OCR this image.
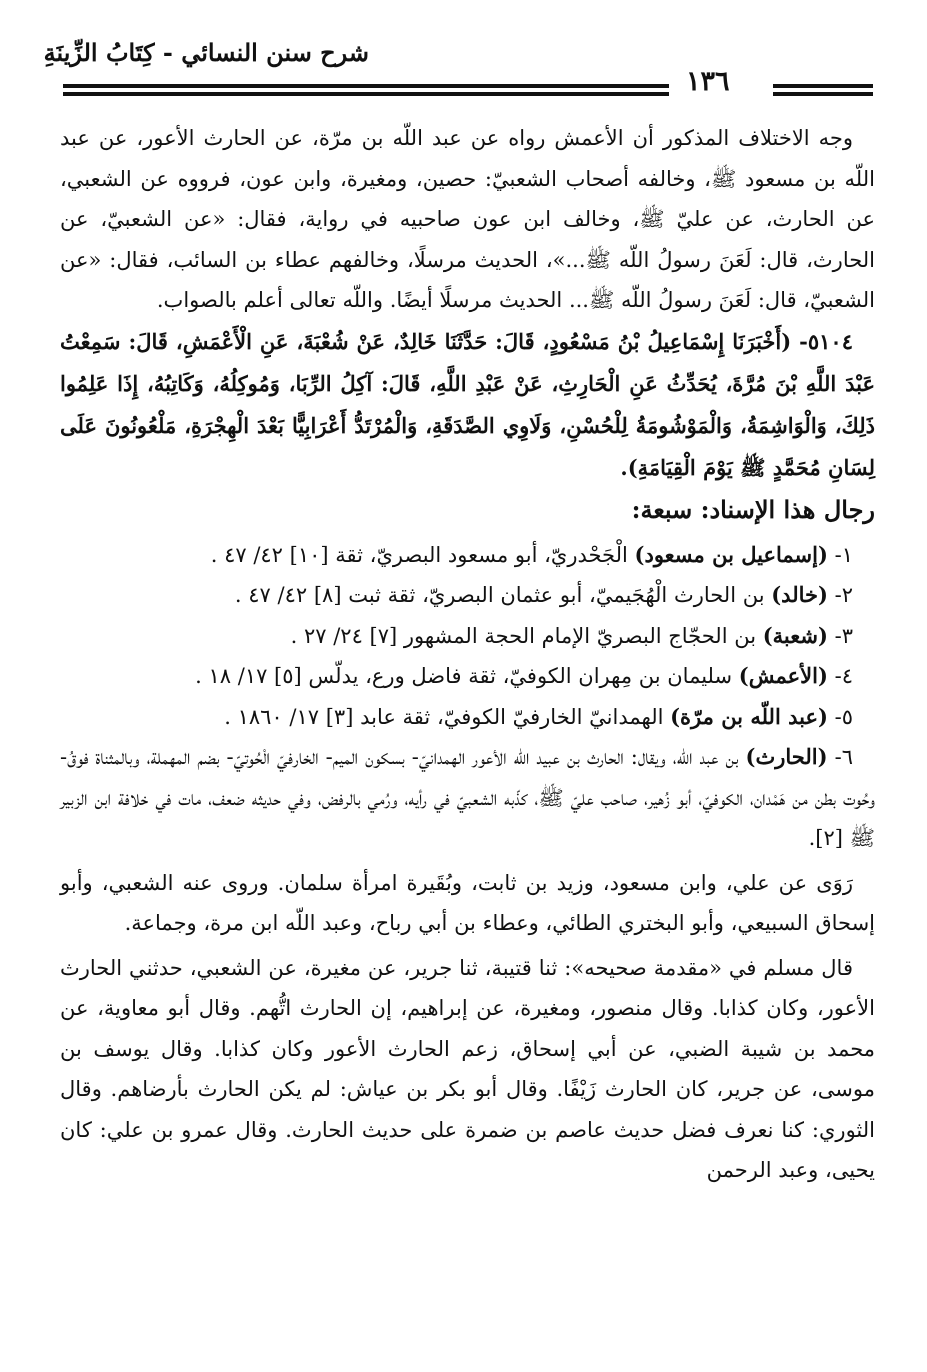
شرح سنن النسائي - كِتَابُ الزِّينَةِ
١٣٦

وجه الاختلاف المذكور أن الأعمش رواه عن عبد اللّه بن مرّة، عن الحارث الأعور، عن عبد اللّه بن مسعود ﷺ، وخالفه أصحاب الشعبيّ: حصين، ومغيرة، وابن عون، فرووه عن الشعبي، عن الحارث، عن عليّ ﷺ، وخالف ابن عون صاحبيه في رواية، فقال: «عن الشعبيّ، عن الحارث، قال: لَعَنَ رسولُ اللّه ﷺ...»، الحديث مرسلًا، وخالفهم عطاء بن السائب، فقال: «عن الشعبيّ، قال: لَعَنَ رسولُ اللّه ﷺ... الحديث مرسلًا أيضًا. واللّه تعالى أعلم بالصواب.

٥١٠٤- (أَخْبَرَنَا إِسْمَاعِيلُ بْنُ مَسْعُودٍ، قَالَ: حَدَّثَنَا خَالِدٌ، عَنْ شُعْبَةَ، عَنِ الْأَعْمَشِ، قَالَ: سَمِعْتُ عَبْدَ اللَّهِ بْنَ مُرَّةَ، يُحَدِّثُ عَنِ الْحَارِثِ، عَنْ عَبْدِ اللَّهِ، قَالَ: آكِلُ الرِّبَا، وَمُوكِلُهُ، وَكَاتِبُهُ، إِذَا عَلِمُوا ذَلِكَ، وَالْوَاشِمَةُ، وَالْمَوْشُومَةُ لِلْحُسْنِ، وَلَاوِي الصَّدَقَةِ، وَالْمُرْتَدُّ أَعْرَابِيًّا بَعْدَ الْهِجْرَةِ، مَلْعُونُونَ عَلَى لِسَانِ مُحَمَّدٍ ﷺ يَوْمَ الْقِيَامَةِ).

رجال هذا الإسناد: سبعة:

١- (إسماعيل بن مسعود) الْجَحْدريّ، أبو مسعود البصريّ، ثقة [١٠] ٤٢/ ٤٧ .
٢- (خالد) بن الحارث الْهُجَيميّ، أبو عثمان البصريّ، ثقة ثبت [٨] ٤٢/ ٤٧ .
٣- (شعبة) بن الحجّاج البصريّ الإمام الحجة المشهور [٧] ٢٤/ ٢٧ .
٤- (الأعمش) سليمان بن مِهران الكوفيّ، ثقة فاضل ورع، يدلّس [٥] ١٧/ ١٨ .
٥- (عبد اللّه بن مرّة) الهمدانيّ الخارفيّ الكوفيّ، ثقة عابد [٣] ١٧/ ١٨٦٠ .
٦- (الحارث) بن عبد اللّه، ويقال: الحارث بن عبيد اللّه الأعور الهمدانيّ- بسكون الميم- الخارفيّ الْحُوتيّ- بضم المهملة، وبالمثناة فوقُ- وحُوت بطن من هَمْدان، الكوفيّ، أبو زُهير، صاحب عليّ ﷺ، كذّبه الشعبيّ في رأيه، ورُمي بالرفض، وفي حديثه ضعف، مات في خلافة ابن الزبير ﷺ [٢].

رَوَى عن علي، وابن مسعود، وزيد بن ثابت، وبُقَيرة امرأة سلمان. وروى عنه الشعبي، وأبو إسحاق السبيعي، وأبو البختري الطائي، وعطاء بن أبي رباح، وعبد اللّه ابن مرة، وجماعة.

قال مسلم في «مقدمة صحيحه»: ثنا قتيبة، ثنا جرير، عن مغيرة، عن الشعبي، حدثني الحارث الأعور، وكان كذابا. وقال منصور، ومغيرة، عن إبراهيم، إن الحارث اتُّهم. وقال أبو معاوية، عن محمد بن شيبة الضبي، عن أبي إسحاق، زعم الحارث الأعور وكان كذابا. وقال يوسف بن موسى، عن جرير، كان الحارث زَيْفًا. وقال أبو بكر بن عياش: لم يكن الحارث بأرضاهم. وقال الثوري: كنا نعرف فضل حديث عاصم بن ضمرة على حديث الحارث. وقال عمرو بن علي: كان يحيى، وعبد الرحمن
